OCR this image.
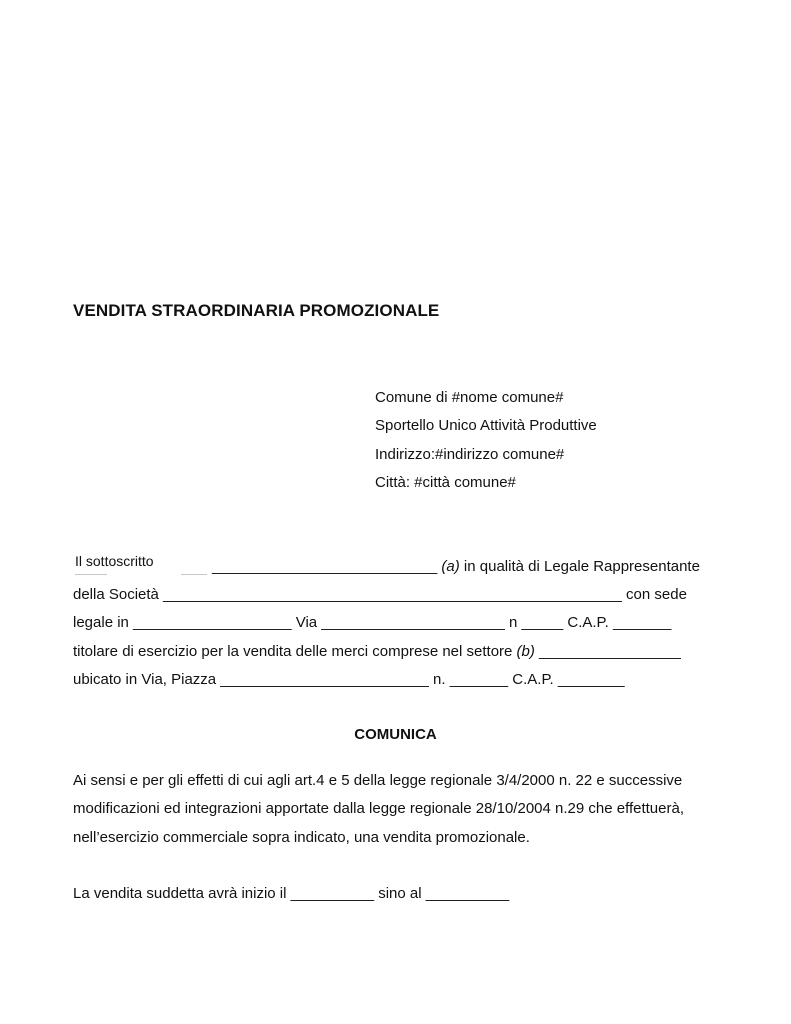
VENDITA STRAORDINARIA PROMOZIONALE
Comune di #nome comune#
Sportello Unico Attività Produttive
Indirizzo:#indirizzo comune#
Città: #città comune#
Il sottoscritto	___________________________ (a) in qualità di Legale Rappresentante
della Società _______________________________________________________ con sede
legale in ___________________ Via ______________________ n _____ C.A.P. _______
titolare di esercizio per la vendita delle merci comprese nel settore (b) _________________
ubicato in Via, Piazza _________________________ n. _______ C.A.P. ________
COMUNICA
Ai sensi e per gli effetti di cui agli art.4 e 5 della legge regionale 3/4/2000 n. 22 e successive
modificazioni ed integrazioni apportate dalla legge regionale 28/10/2004 n.29 che effettuerà,
nell’esercizio commerciale sopra indicato, una vendita promozionale.
La vendita suddetta avrà inizio il __________ sino al __________
